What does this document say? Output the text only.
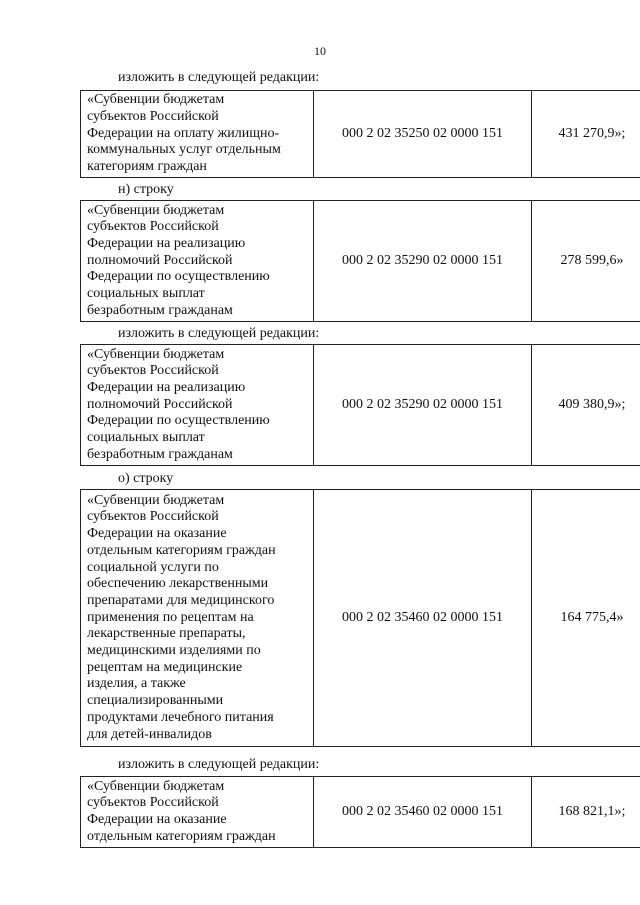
10
изложить в следующей редакции:
«Субвенции бюджетам
субъектов Российской
Федерации на оплату жилищно-
коммунальных услуг отдельным
категориям граждан
	000 2 02 35250 02 0000 151	431 270,9»;
н) строку
«Субвенции бюджетам
субъектов Российской
Федерации на реализацию
полномочий Российской
Федерации по осуществлению
социальных выплат
безработным гражданам
	000 2 02 35290 02 0000 151	278 599,6»
изложить в следующей редакции:
«Субвенции бюджетам
субъектов Российской
Федерации на реализацию
полномочий Российской
Федерации по осуществлению
социальных выплат
безработным гражданам
	000 2 02 35290 02 0000 151	409 380,9»;
о) строку
«Субвенции бюджетам
субъектов Российской
Федерации на оказание
отдельным категориям граждан
социальной услуги по
обеспечению лекарственными
препаратами для медицинского
применения по рецептам на
лекарственные препараты,
медицинскими изделиями по
рецептам на медицинские
изделия, а также
специализированными
продуктами лечебного питания
для детей-инвалидов
	000 2 02 35460 02 0000 151	164 775,4»
изложить в следующей редакции:
«Субвенции бюджетам
субъектов Российской
Федерации на оказание
отдельным категориям граждан
	000 2 02 35460 02 0000 151	168 821,1»;
